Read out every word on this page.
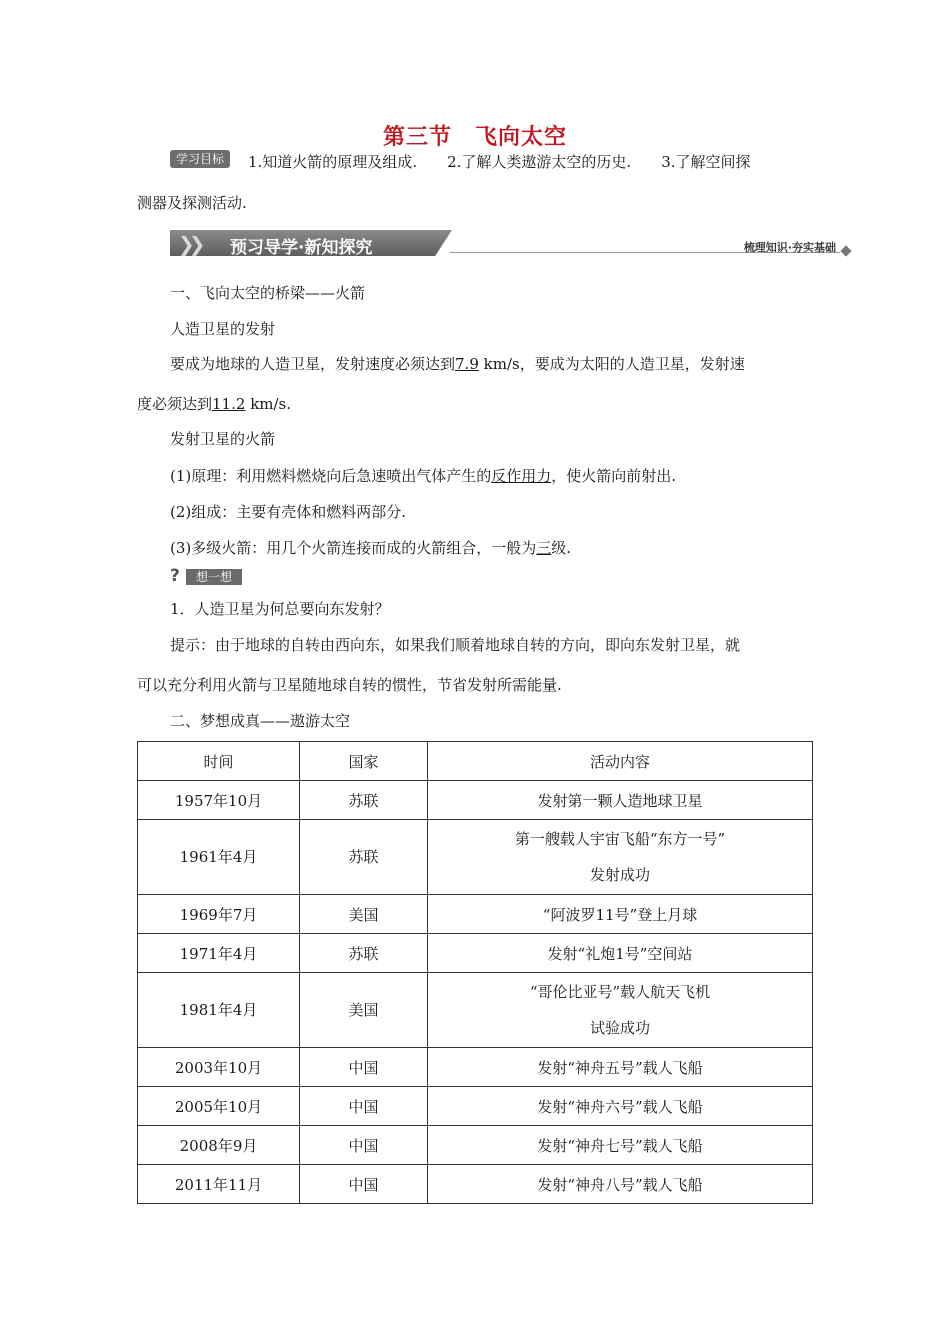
第三节　飞向太空
学习目标	1.知道火箭的原理及组成. 2.了解人类遨游太空的历史. 3.了解空间探
测器及探测活动.
❯❯ 预习导学·新知探究	梳理知识·夯实基础
一、飞向太空的桥梁——火箭
人造卫星的发射
要成为地球的人造卫星，发射速度必须达到7.9 km/s，要成为太阳的人造卫星，发射速
度必须达到11.2 km/s.
发射卫星的火箭
(1)原理：利用燃料燃烧向后急速喷出气体产生的反作用力，使火箭向前射出.
(2)组成：主要有壳体和燃料两部分.
(3)多级火箭：用几个火箭连接而成的火箭组合，一般为三级.
?	想一想
1．人造卫星为何总要向东发射？
提示：由于地球的自转由西向东，如果我们顺着地球自转的方向，即向东发射卫星，就
可以充分利用火箭与卫星随地球自转的惯性，节省发射所需能量.
二、梦想成真——遨游太空
时间	国家	活动内容
1957年10月	苏联	发射第一颗人造地球卫星
1961年4月	苏联	第一艘载人宇宙飞船“东方一号”
发射成功

1969年7月	美国	“阿波罗11号”登上月球
1971年4月	苏联	发射“礼炮1号”空间站
1981年4月	美国	“哥伦比亚号”载人航天飞机
试验成功

2003年10月	中国	发射“神舟五号”载人飞船
2005年10月	中国	发射“神舟六号”载人飞船
2008年9月	中国	发射“神舟七号”载人飞船
2011年11月	中国	发射“神舟八号”载人飞船
